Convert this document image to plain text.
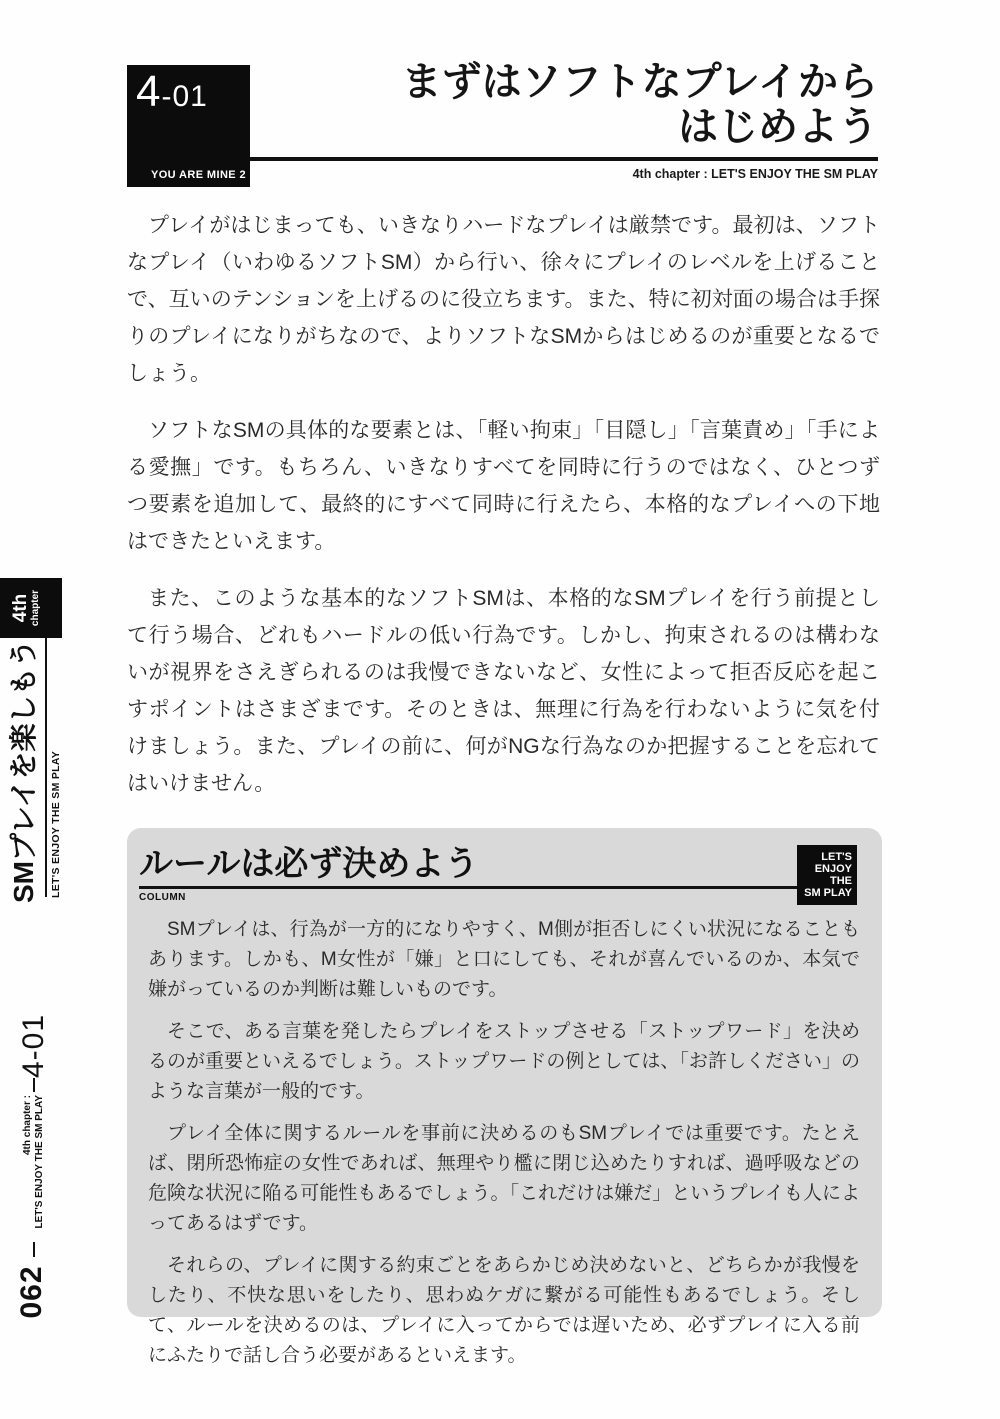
4-01
YOU ARE MINE 2
まずはソフトなプレイから
はじめよう
4th chapter : LET'S ENJOY THE SM PLAY

プレイがはじまっても、いきなりハードなプレイは厳禁です。最初は、ソフトなプレイ（いわゆるソフトSM）から行い、徐々にプレイのレベルを上げることで、互いのテンションを上げるのに役立ちます。また、特に初対面の場合は手探りのプレイになりがちなので、よりソフトなSMからはじめるのが重要となるでしょう。

ソフトなSMの具体的な要素とは、「軽い拘束」「目隠し」「言葉責め」「手による愛撫」です。もちろん、いきなりすべてを同時に行うのではなく、ひとつずつ要素を追加して、最終的にすべて同時に行えたら、本格的なプレイへの下地はできたといえます。

また、このような基本的なソフトSMは、本格的なSMプレイを行う前提として行う場合、どれもハードルの低い行為です。しかし、拘束されるのは構わないが視界をさえぎられるのは我慢できないなど、女性によって拒否反応を起こすポイントはさまざまです。そのときは、無理に行為を行わないように気を付けましょう。また、プレイの前に、何がNGな行為なのか把握することを忘れてはいけません。

ルールは必ず決めよう
COLUMN
LET'S
ENJOY
THE
SM PLAY

SMプレイは、行為が一方的になりやすく、M側が拒否しにくい状況になることもあります。しかも、M女性が「嫌」と口にしても、それが喜んでいるのか、本気で嫌がっているのか判断は難しいものです。

そこで、ある言葉を発したらプレイをストップさせる「ストップワード」を決めるのが重要といえるでしょう。ストップワードの例としては、「お許しください」のような言葉が一般的です。

プレイ全体に関するルールを事前に決めるのもSMプレイでは重要です。たとえば、閉所恐怖症の女性であれば、無理やり檻に閉じ込めたりすれば、過呼吸などの危険な状況に陥る可能性もあるでしょう。「これだけは嫌だ」というプレイも人によってあるはずです。

それらの、プレイに関する約束ごとをあらかじめ決めないと、どちらかが我慢をしたり、不快な思いをしたり、思わぬケガに繋がる可能性もあるでしょう。そして、ルールを決めるのは、プレイに入ってからでは遅いため、必ずプレイに入る前にふたりで話し合う必要があるといえます。

4th chapter
SMプレイを楽しもう	LET'S ENJOY THE SM PLAY
4-01
4th chapter : LET'S ENJOY THE SM PLAY
062
